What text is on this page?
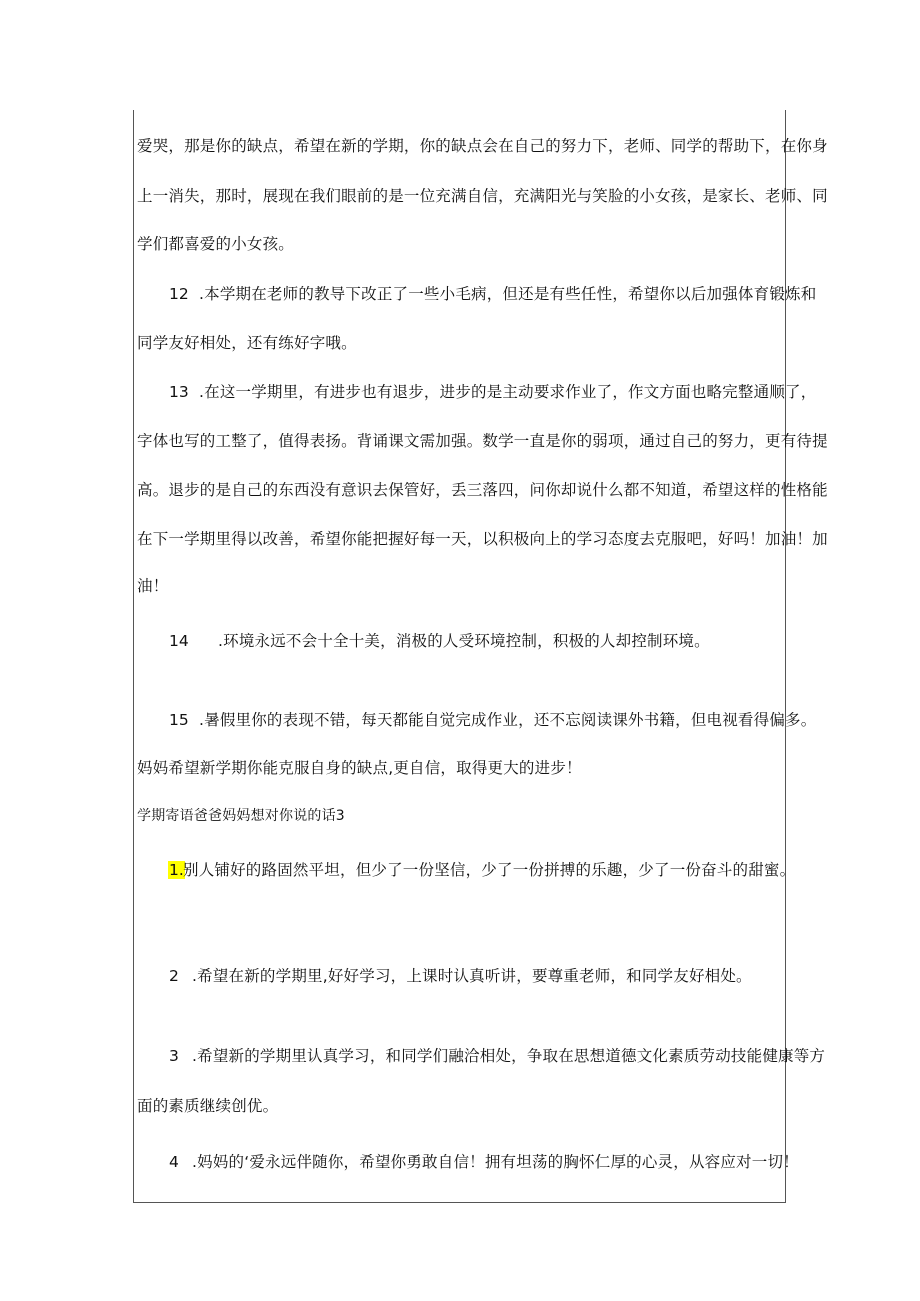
爱哭，那是你的缺点，希望在新的学期，你的缺点会在自己的努力下，老师、同学的帮助下，在你身
上一消失，那时，展现在我们眼前的是一位充满自信，充满阳光与笑脸的小女孩，是家长、老师、同
学们都喜爱的小女孩。
12 .本学期在老师的教导下改正了一些小毛病，但还是有些任性，希望你以后加强体育锻炼和
同学友好相处，还有练好字哦。
13 .在这一学期里，有进步也有退步，进步的是主动要求作业了，作文方面也略完整通顺了，
字体也写的工整了，值得表扬。背诵课文需加强。数学一直是你的弱项，通过自己的努力，更有待提
高。退步的是自己的东西没有意识去保管好，丢三落四，问你却说什么都不知道，希望这样的性格能
在下一学期里得以改善，希望你能把握好每一天，以积极向上的学习态度去克服吧，好吗！加油！加
油！
14 .环境永远不会十全十美，消极的人受环境控制，积极的人却控制环境。
15 .暑假里你的表现不错，每天都能自觉完成作业，还不忘阅读课外书籍，但电视看得偏多。
妈妈希望新学期你能克服自身的缺点,更自信，取得更大的进步！
学期寄语爸爸妈妈想对你说的话3
1. 别人铺好的路固然平坦，但少了一份坚信，少了一份拼搏的乐趣，少了一份奋斗的甜蜜。
2 .希望在新的学期里,好好学习，上课时认真听讲，要尊重老师，和同学友好相处。
3 .希望新的学期里认真学习，和同学们融洽相处，争取在思想道德文化素质劳动技能健康等方
面的素质继续创优。
4 .妈妈的‘爱永远伴随你，希望你勇敢自信！拥有坦荡的胸怀仁厚的心灵，从容应对一切！
